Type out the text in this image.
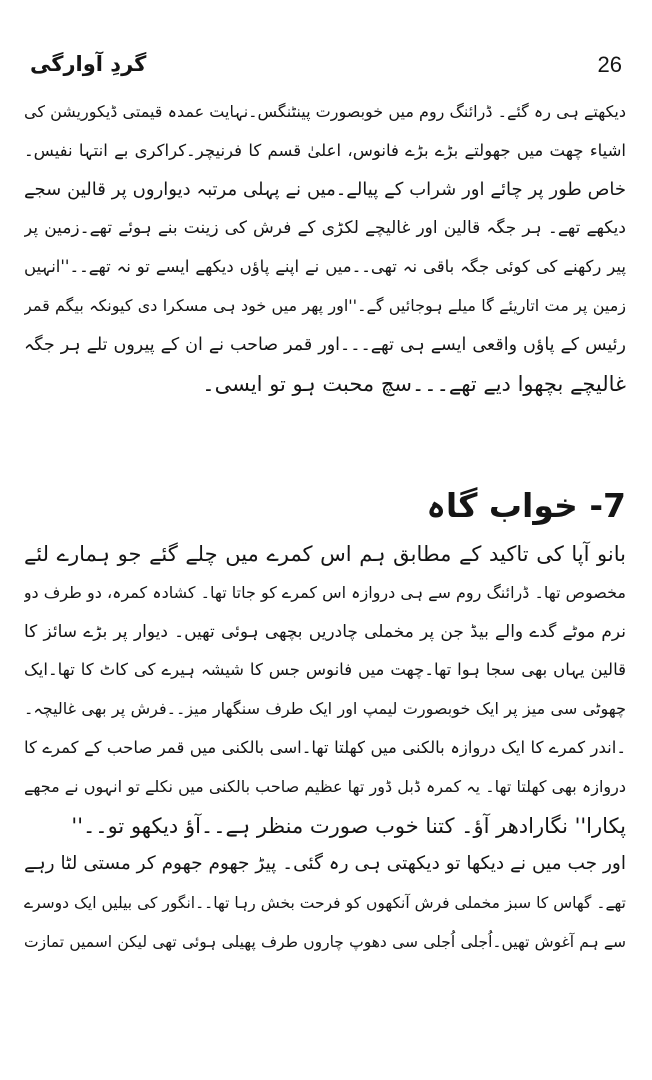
گردِ آوارگی	26
دیکھتے ہی رہ گئے۔ ڈرائنگ روم میں خوبصورت پینٹنگس۔نہایت عمدہ قیمتی ڈیکوریشن کی
اشیاء چھت میں جھولتے بڑے بڑے فانوس، اعلیٰ قسم کا فرنیچر۔کراکری بے انتہا نفیس۔
خاص طور پر چائے اور شراب کے پیالے۔میں نے پہلی مرتبہ دیواروں پر قالین سجے
دیکھے تھے۔ ہر جگہ قالین اور غالیچے لکڑی کے فرش کی زینت بنے ہوئے تھے۔زمین پر
پیر رکھنے کی کوئی جگہ باقی نہ تھی۔۔میں نے اپنے پاؤں دیکھے ایسے تو نہ تھے۔۔''انہیں
زمین پر مت اتاریئے گا میلے ہوجائیں گے۔''اور پھر میں خود ہی مسکرا دی کیونکہ بیگم قمر
رئیس کے پاؤں واقعی ایسے ہی تھے۔۔۔اور قمر صاحب نے ان کے پیروں تلے ہر جگہ
غالیچے بچھوا دیے تھے۔۔۔سچ محبت ہو تو ایسی۔
7- خواب گاہ
بانو آپا کی تاکید کے مطابق ہم اس کمرے میں چلے گئے جو ہمارے لئے
مخصوص تھا۔ ڈرائنگ روم سے ہی دروازہ اس کمرے کو جاتا تھا۔ کشادہ کمرہ، دو طرف دو
نرم موٹے گدے والے بیڈ جن پر مخملی چادریں بچھی ہوئی تھیں۔ دیوار پر بڑے سائز کا
قالین یہاں بھی سجا ہوا تھا۔چھت میں فانوس جس کا شیشہ ہیرے کی کاٹ کا تھا۔ایک
چھوٹی سی میز پر ایک خوبصورت لیمپ اور ایک طرف سنگھار میز۔۔فرش پر بھی غالیچہ۔
۔اندر کمرے کا ایک دروازہ بالکنی میں کھلتا تھا۔اسی بالکنی میں قمر صاحب کے کمرے کا
دروازہ بھی کھلتا تھا۔ یہ کمرہ ڈبل ڈور تھا عظیم صاحب بالکنی میں نکلے تو انہوں نے مجھے
پکارا'' نگارادھر آؤ۔ کتنا خوب صورت منظر ہے۔۔آؤ دیکھو تو۔۔''
اور جب میں نے دیکھا تو دیکھتی ہی رہ گئی۔ پیڑ جھوم جھوم کر مستی لٹا رہے
تھے۔ گھاس کا سبز مخملی فرش آنکھوں کو فرحت بخش رہا تھا۔۔انگور کی بیلیں ایک دوسرے
سے ہم آغوش تھیں۔اُجلی اُجلی سی دھوپ چاروں طرف پھیلی ہوئی تھی لیکن اسمیں تمازت
